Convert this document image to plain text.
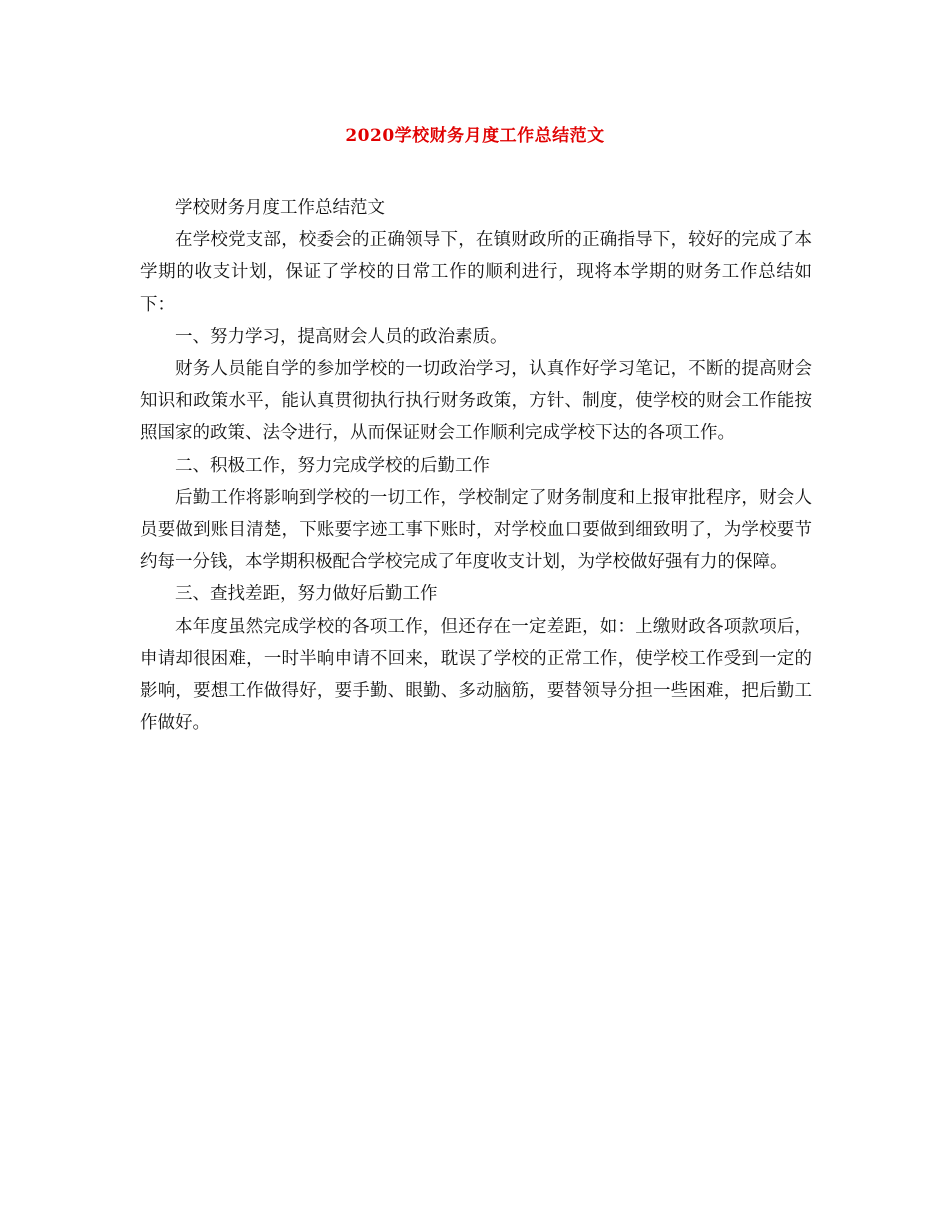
2020学校财务月度工作总结范文

学校财务月度工作总结范文

在学校党支部，校委会的正确领导下，在镇财政所的正确指导下，较好的完成了本学期的收支计划，保证了学校的日常工作的顺利进行，现将本学期的财务工作总结如下：

一、努力学习，提高财会人员的政治素质。

财务人员能自学的参加学校的一切政治学习，认真作好学习笔记，不断的提高财会知识和政策水平，能认真贯彻执行执行财务政策，方针、制度，使学校的财会工作能按照国家的政策、法令进行，从而保证财会工作顺利完成学校下达的各项工作。

二、积极工作，努力完成学校的后勤工作

后勤工作将影响到学校的一切工作，学校制定了财务制度和上报审批程序，财会人员要做到账目清楚，下账要字迹工事下账时，对学校血口要做到细致明了，为学校要节约每一分钱，本学期积极配合学校完成了年度收支计划，为学校做好强有力的保障。

三、查找差距，努力做好后勤工作

本年度虽然完成学校的各项工作，但还存在一定差距，如：上缴财政各项款项后，申请却很困难，一时半晌申请不回来，耽误了学校的正常工作，使学校工作受到一定的影响，要想工作做得好，要手勤、眼勤、多动脑筋，要替领导分担一些困难，把后勤工作做好。
